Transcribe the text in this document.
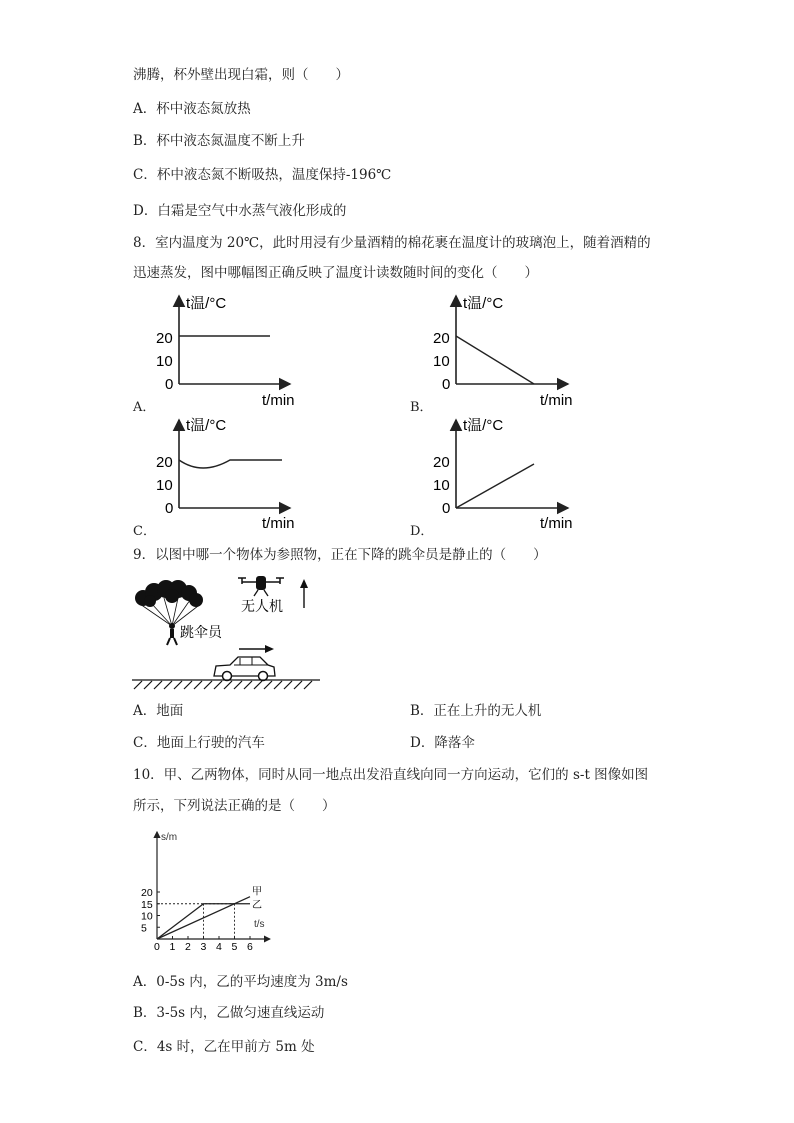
沸腾，杯外壁出现白霜，则（　　）
A．杯中液态氮放热
B．杯中液态氮温度不断上升
C．杯中液态氮不断吸热，温度保持-196℃
D．白霜是空气中水蒸气液化形成的
8．室内温度为 20℃，此时用浸有少量酒精的棉花裹在温度计的玻璃泡上，随着酒精的
迅速蒸发，图中哪幅图正确反映了温度计读数随时间的变化（　　）
t温/°C
t/min
20
10
0
A．
t温/°C
t/min
20
10
0
B．
t温/°C
t/min
20
10
0
C．
t温/°C
t/min
20
10
0
D．
9．以图中哪一个物体为参照物，正在下降的跳伞员是静止的（　　）
跳伞员
无人机
A．地面	B．正在上升的无人机
C．地面上行驶的汽车	D．降落伞
10．甲、乙两物体，同时从同一地点出发沿直线向同一方向运动，它们的 s-t 图像如图
所示，下列说法正确的是（　　）
s/m
t/s
0 1 2 3 4 5 6
5
10
15
20	甲
乙
A．0-5s 内，乙的平均速度为 3m/s
B．3-5s 内，乙做匀速直线运动
C．4s 时，乙在甲前方 5m 处
